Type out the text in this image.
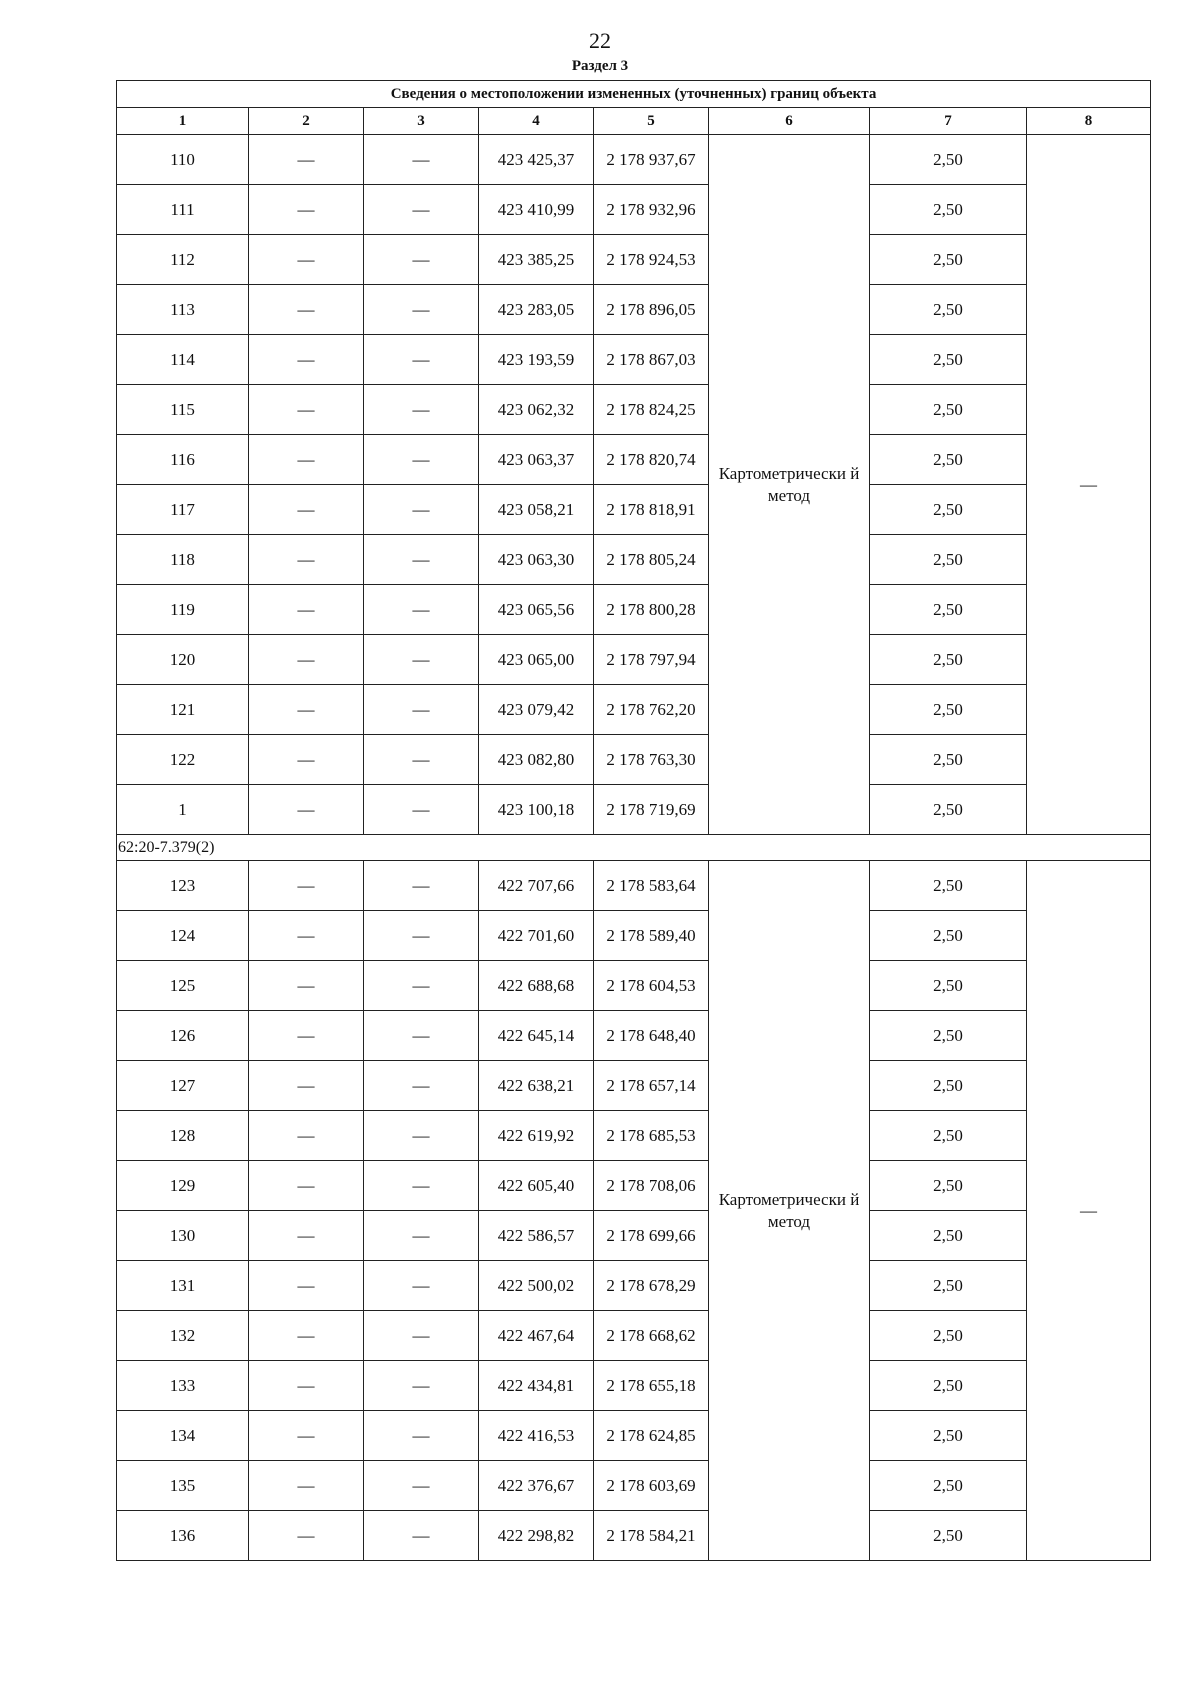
22
Раздел 3
Сведения о местоположении измененных (уточненных) границ объекта							
1	2	3	4	5	6	7	8
110	—	—	423 425,37	2 178 937,67	Картометрически й метод	2,50	—
111	—	—	423 410,99	2 178 932,96		2,50	
112	—	—	423 385,25	2 178 924,53		2,50	
113	—	—	423 283,05	2 178 896,05		2,50	
114	—	—	423 193,59	2 178 867,03		2,50	
115	—	—	423 062,32	2 178 824,25		2,50	
116	—	—	423 063,37	2 178 820,74		2,50	
117	—	—	423 058,21	2 178 818,91		2,50	
118	—	—	423 063,30	2 178 805,24		2,50	
119	—	—	423 065,56	2 178 800,28		2,50	
120	—	—	423 065,00	2 178 797,94		2,50	
121	—	—	423 079,42	2 178 762,20		2,50	
122	—	—	423 082,80	2 178 763,30		2,50	
1	—	—	423 100,18	2 178 719,69		2,50	
62:20-7.379(2)							
123	—	—	422 707,66	2 178 583,64	Картометрически й метод	2,50	—
124	—	—	422 701,60	2 178 589,40		2,50	
125	—	—	422 688,68	2 178 604,53		2,50	
126	—	—	422 645,14	2 178 648,40		2,50	
127	—	—	422 638,21	2 178 657,14		2,50	
128	—	—	422 619,92	2 178 685,53		2,50	
129	—	—	422 605,40	2 178 708,06		2,50	
130	—	—	422 586,57	2 178 699,66		2,50	
131	—	—	422 500,02	2 178 678,29		2,50	
132	—	—	422 467,64	2 178 668,62		2,50	
133	—	—	422 434,81	2 178 655,18		2,50	
134	—	—	422 416,53	2 178 624,85		2,50	
135	—	—	422 376,67	2 178 603,69		2,50	
136	—	—	422 298,82	2 178 584,21		2,50	
